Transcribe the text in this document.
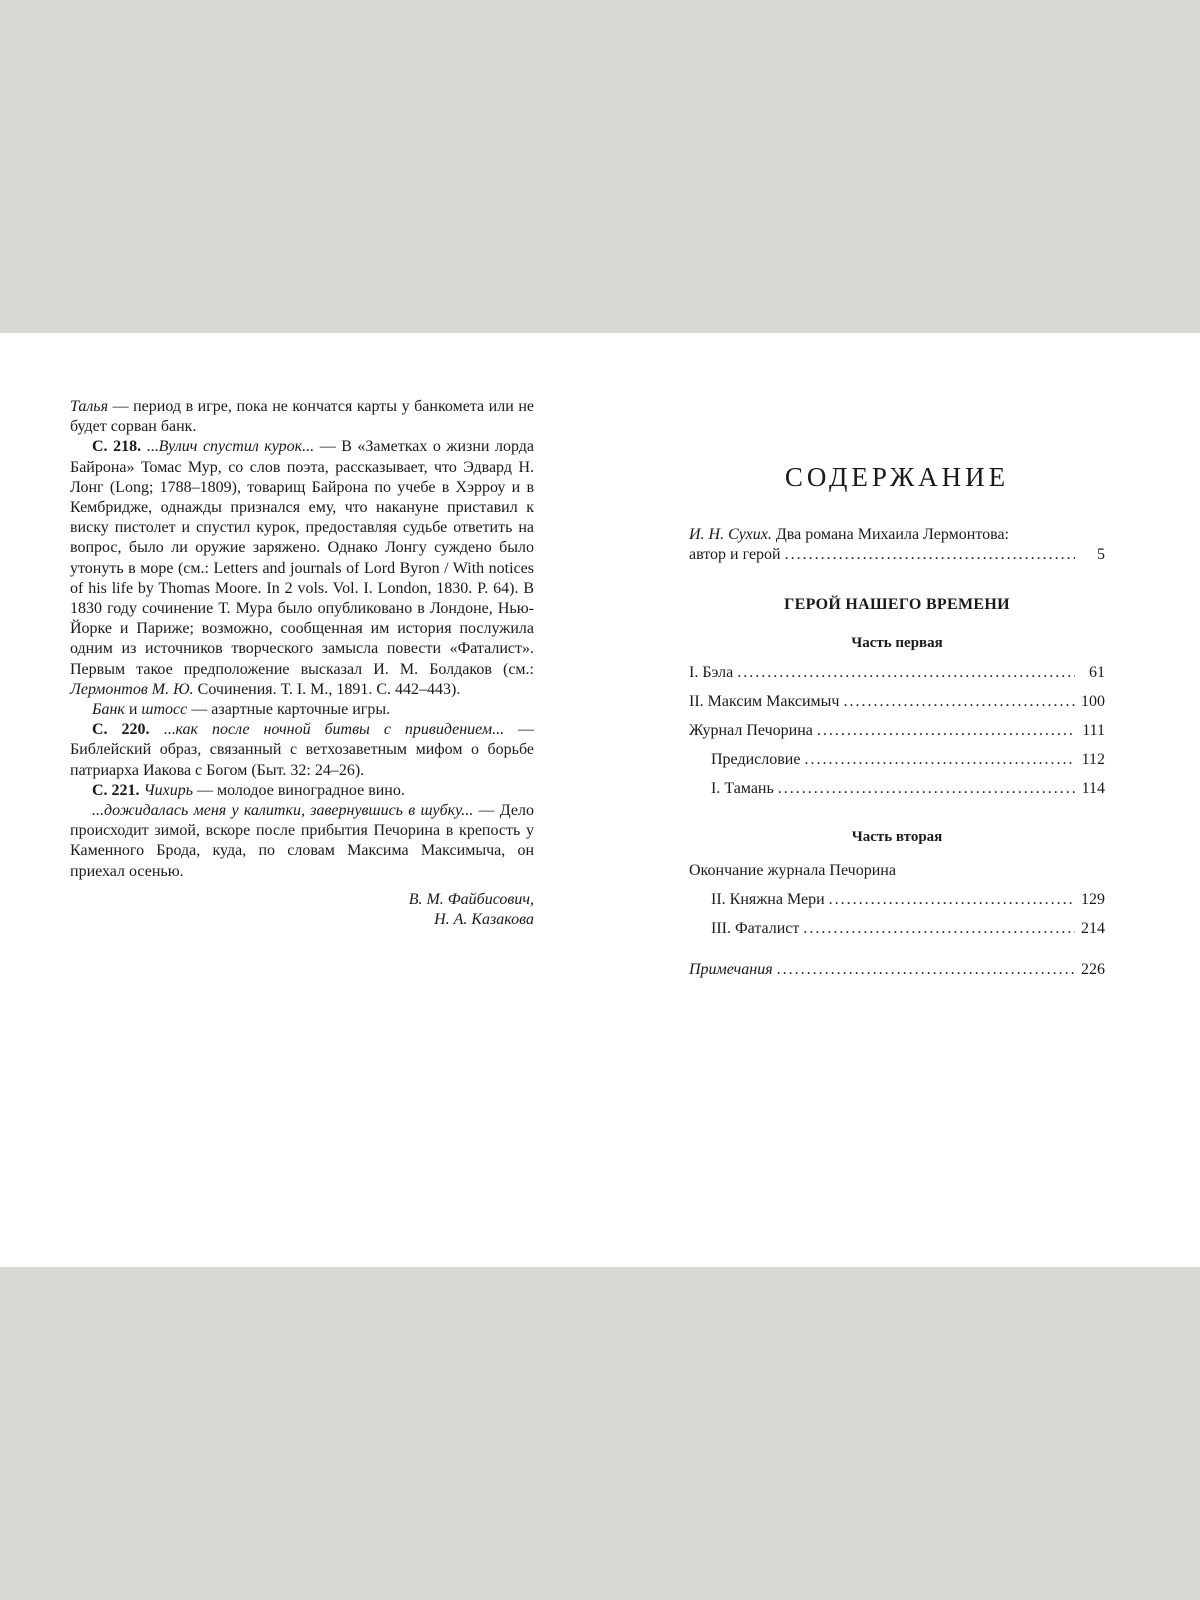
Талья — период в игре, пока не кончатся карты у банкомета или не будет сорван банк.

С. 218. ...Вулич спустил курок... — В «Заметках о жизни лорда Байрона» Томас Мур, со слов поэта, рассказывает, что Эдвард Н. Лонг (Long; 1788–1809), товарищ Байрона по учебе в Хэрроу и в Кембридже, однажды признался ему, что накануне приставил к виску пистолет и спустил курок, предоставляя судьбе ответить на вопрос, было ли оружие заряжено. Однако Лонгу суждено было утонуть в море (см.: Letters and journals of Lord Byron / With notices of his life by Thomas Moore. In 2 vols. Vol. I. London, 1830. P. 64). В 1830 году сочинение Т. Мура было опубликовано в Лондоне, Нью-Йорке и Париже; возможно, сообщенная им история послужила одним из источников творческого замысла повести «Фаталист». Первым такое предположение высказал И. М. Болдаков (см.: Лермонтов М. Ю. Сочинения. Т. I. М., 1891. С. 442–443).

Банк и штосс — азартные карточные игры.

С. 220. ...как после ночной битвы с привидением... — Библейский образ, связанный с ветхозаветным мифом о борьбе патриарха Иакова с Богом (Быт. 32: 24–26).

С. 221. Чихирь — молодое виноградное вино.

...дожидалась меня у калитки, завернувшись в шубку... — Дело происходит зимой, вскоре после прибытия Печорина в крепость у Каменного Брода, куда, по словам Максима Максимыча, он приехал осенью.

В. М. Файбисович,
Н. А. Казакова

СОДЕРЖАНИЕ
И. Н. Сухих. Два романа Михаила Лермонтова:
автор и герой . . .	5
ГЕРОЙ НАШЕГО ВРЕМЕНИ
Часть первая
I. Бэла . . .	61
II. Максим Максимыч . . .	100
Журнал Печорина . . .	111
Предисловие . . .	112
I. Тамань . . .	114
Часть вторая
Окончание журнала Печорина
II. Княжна Мери . . .	129
III. Фаталист . . .	214
Примечания . . .	226
